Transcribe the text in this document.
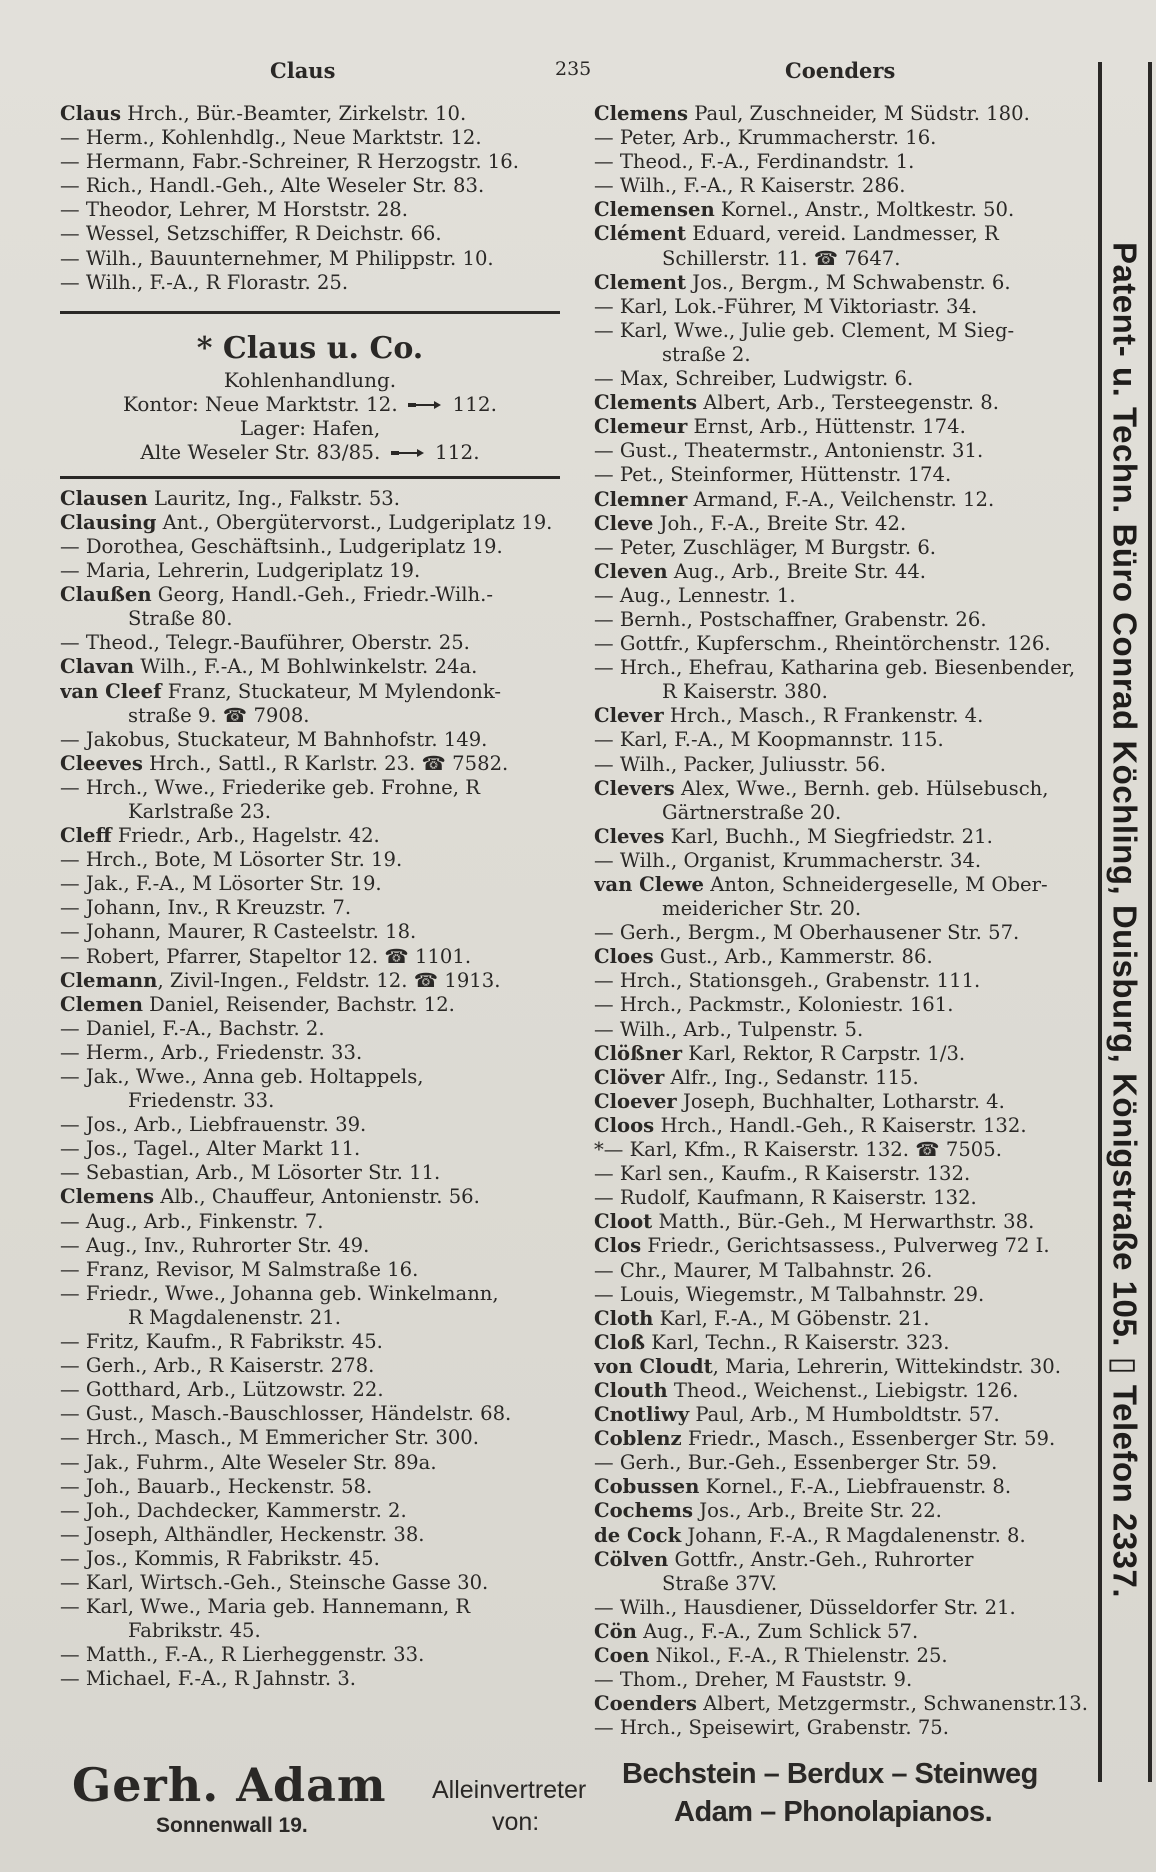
Claus	235	Coenders
Claus Hrch., Bür.-Beamter, Zirkelstr. 10.
— Herm., Kohlenhdlg., Neue Marktstr. 12.
— Hermann, Fabr.-Schreiner, R Herzogstr. 16.
— Rich., Handl.-Geh., Alte Weseler Str. 83.
— Theodor, Lehrer, M Horststr. 28.
— Wessel, Setzschiffer, R Deichstr. 66.
— Wilh., Bauunternehmer, M Philippstr. 10.
— Wilh., F.-A., R Florastr. 25.
* Claus u. Co.
Kohlenhandlung.
Kontor: Neue Marktstr. 12.	112.
Lager: Hafen,
Alte Weseler Str. 83/85.	112.
Clausen Lauritz, Ing., Falkstr. 53.
Clausing Ant., Obergütervorst., Ludgeriplatz 19.
— Dorothea, Geschäftsinh., Ludgeriplatz 19.
— Maria, Lehrerin, Ludgeriplatz 19.
Claußen Georg, Handl.-Geh., Friedr.-Wilh.-
Straße 80.
— Theod., Telegr.-Bauführer, Oberstr. 25.
Clavan Wilh., F.-A., M Bohlwinkelstr. 24a.
van Cleef Franz, Stuckateur, M Mylendonk-
straße 9. ☎ 7908.
— Jakobus, Stuckateur, M Bahnhofstr. 149.
Cleeves Hrch., Sattl., R Karlstr. 23. ☎ 7582.
— Hrch., Wwe., Friederike geb. Frohne, R
Karlstraße 23.
Cleff Friedr., Arb., Hagelstr. 42.
— Hrch., Bote, M Lösorter Str. 19.
— Jak., F.-A., M Lösorter Str. 19.
— Johann, Inv., R Kreuzstr. 7.
— Johann, Maurer, R Casteelstr. 18.
— Robert, Pfarrer, Stapeltor 12. ☎ 1101.
Clemann, Zivil-Ingen., Feldstr. 12. ☎ 1913.
Clemen Daniel, Reisender, Bachstr. 12.
— Daniel, F.-A., Bachstr. 2.
— Herm., Arb., Friedenstr. 33.
— Jak., Wwe., Anna geb. Holtappels,
Friedenstr. 33.
— Jos., Arb., Liebfrauenstr. 39.
— Jos., Tagel., Alter Markt 11.
— Sebastian, Arb., M Lösorter Str. 11.
Clemens Alb., Chauffeur, Antonienstr. 56.
— Aug., Arb., Finkenstr. 7.
— Aug., Inv., Ruhrorter Str. 49.
— Franz, Revisor, M Salmstraße 16.
— Friedr., Wwe., Johanna geb. Winkelmann,
R Magdalenenstr. 21.
— Fritz, Kaufm., R Fabrikstr. 45.
— Gerh., Arb., R Kaiserstr. 278.
— Gotthard, Arb., Lützowstr. 22.
— Gust., Masch.-Bauschlosser, Händelstr. 68.
— Hrch., Masch., M Emmericher Str. 300.
— Jak., Fuhrm., Alte Weseler Str. 89a.
— Joh., Bauarb., Heckenstr. 58.
— Joh., Dachdecker, Kammerstr. 2.
— Joseph, Althändler, Heckenstr. 38.
— Jos., Kommis, R Fabrikstr. 45.
— Karl, Wirtsch.-Geh., Steinsche Gasse 30.
— Karl, Wwe., Maria geb. Hannemann, R
Fabrikstr. 45.
— Matth., F.-A., R Lierheggenstr. 33.
— Michael, F.-A., R Jahnstr. 3.
Clemens Paul, Zuschneider, M Südstr. 180.
— Peter, Arb., Krummacherstr. 16.
— Theod., F.-A., Ferdinandstr. 1.
— Wilh., F.-A., R Kaiserstr. 286.
Clemensen Kornel., Anstr., Moltkestr. 50.
Clément Eduard, vereid. Landmesser, R
Schillerstr. 11. ☎ 7647.
Clement Jos., Bergm., M Schwabenstr. 6.
— Karl, Lok.-Führer, M Viktoriastr. 34.
— Karl, Wwe., Julie geb. Clement, M Sieg-
straße 2.
— Max, Schreiber, Ludwigstr. 6.
Clements Albert, Arb., Tersteegenstr. 8.
Clemeur Ernst, Arb., Hüttenstr. 174.
— Gust., Theatermstr., Antonienstr. 31.
— Pet., Steinformer, Hüttenstr. 174.
Clemner Armand, F.-A., Veilchenstr. 12.
Cleve Joh., F.-A., Breite Str. 42.
— Peter, Zuschläger, M Burgstr. 6.
Cleven Aug., Arb., Breite Str. 44.
— Aug., Lennestr. 1.
— Bernh., Postschaffner, Grabenstr. 26.
— Gottfr., Kupferschm., Rheintörchenstr. 126.
— Hrch., Ehefrau, Katharina geb. Biesenbender,
R Kaiserstr. 380.
Clever Hrch., Masch., R Frankenstr. 4.
— Karl, F.-A., M Koopmannstr. 115.
— Wilh., Packer, Juliusstr. 56.
Clevers Alex, Wwe., Bernh. geb. Hülsebusch,
Gärtnerstraße 20.
Cleves Karl, Buchh., M Siegfriedstr. 21.
— Wilh., Organist, Krummacherstr. 34.
van Clewe Anton, Schneidergeselle, M Ober-
meidericher Str. 20.
— Gerh., Bergm., M Oberhausener Str. 57.
Cloes Gust., Arb., Kammerstr. 86.
— Hrch., Stationsgeh., Grabenstr. 111.
— Hrch., Packmstr., Koloniestr. 161.
— Wilh., Arb., Tulpenstr. 5.
Clößner Karl, Rektor, R Carpstr. 1/3.
Clöver Alfr., Ing., Sedanstr. 115.
Cloever Joseph, Buchhalter, Lotharstr. 4.
Cloos Hrch., Handl.-Geh., R Kaiserstr. 132.
*— Karl, Kfm., R Kaiserstr. 132. ☎ 7505.
— Karl sen., Kaufm., R Kaiserstr. 132.
— Rudolf, Kaufmann, R Kaiserstr. 132.
Cloot Matth., Bür.-Geh., M Herwarthstr. 38.
Clos Friedr., Gerichtsassess., Pulverweg 72 I.
— Chr., Maurer, M Talbahnstr. 26.
— Louis, Wiegemstr., M Talbahnstr. 29.
Cloth Karl, F.-A., M Göbenstr. 21.
Cloß Karl, Techn., R Kaiserstr. 323.
von Cloudt, Maria, Lehrerin, Wittekindstr. 30.
Clouth Theod., Weichenst., Liebigstr. 126.
Cnotliwy Paul, Arb., M Humboldtstr. 57.
Coblenz Friedr., Masch., Essenberger Str. 59.
— Gerh., Bur.-Geh., Essenberger Str. 59.
Cobussen Kornel., F.-A., Liebfrauenstr. 8.
Cochems Jos., Arb., Breite Str. 22.
de Cock Johann, F.-A., R Magdalenenstr. 8.
Cölven Gottfr., Anstr.-Geh., Ruhrorter
Straße 37V.
— Wilh., Hausdiener, Düsseldorfer Str. 21.
Cön Aug., F.-A., Zum Schlick 57.
Coen Nikol., F.-A., R Thielenstr. 25.
— Thom., Dreher, M Fauststr. 9.
Coenders Albert, Metzgermstr., Schwanenstr.13.
— Hrch., Speisewirt, Grabenstr. 75.
Patent- u. Techn. Büro Conrad Köchling, Duisburg, Königstraße 105. ▯ Telefon 2337.
Gerh. Adam
Sonnenwall 19.
Alleinvertreter
von:
Bechstein – Berdux – Steinweg
Adam – Phonolapianos.
